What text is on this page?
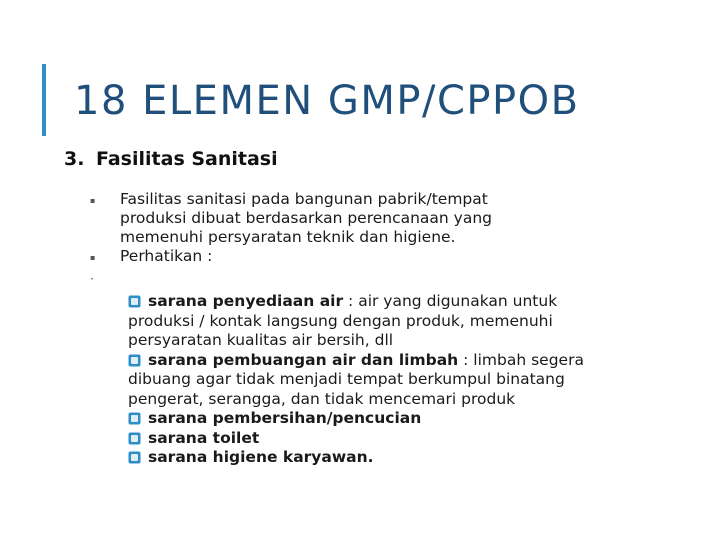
18 ELEMEN GMP/CPPOB
3. Fasilitas Sanitasi
▪ Fasilitas sanitasi pada bangunan pabrik/tempat produksi dibuat berdasarkan perencanaan yang memenuhi persyaratan teknik dan higiene.
▪ Perhatikan :
·
sarana penyediaan air : air yang digunakan untuk
produksi / kontak langsung dengan produk, memenuhi persyaratan kualitas air bersih, dll
sarana pembuangan air dan limbah : limbah segera
dibuang agar tidak menjadi tempat berkumpul binatang pengerat, serangga, dan tidak mencemari produk
sarana pembersihan/pencucian
sarana toilet
sarana higiene karyawan.
